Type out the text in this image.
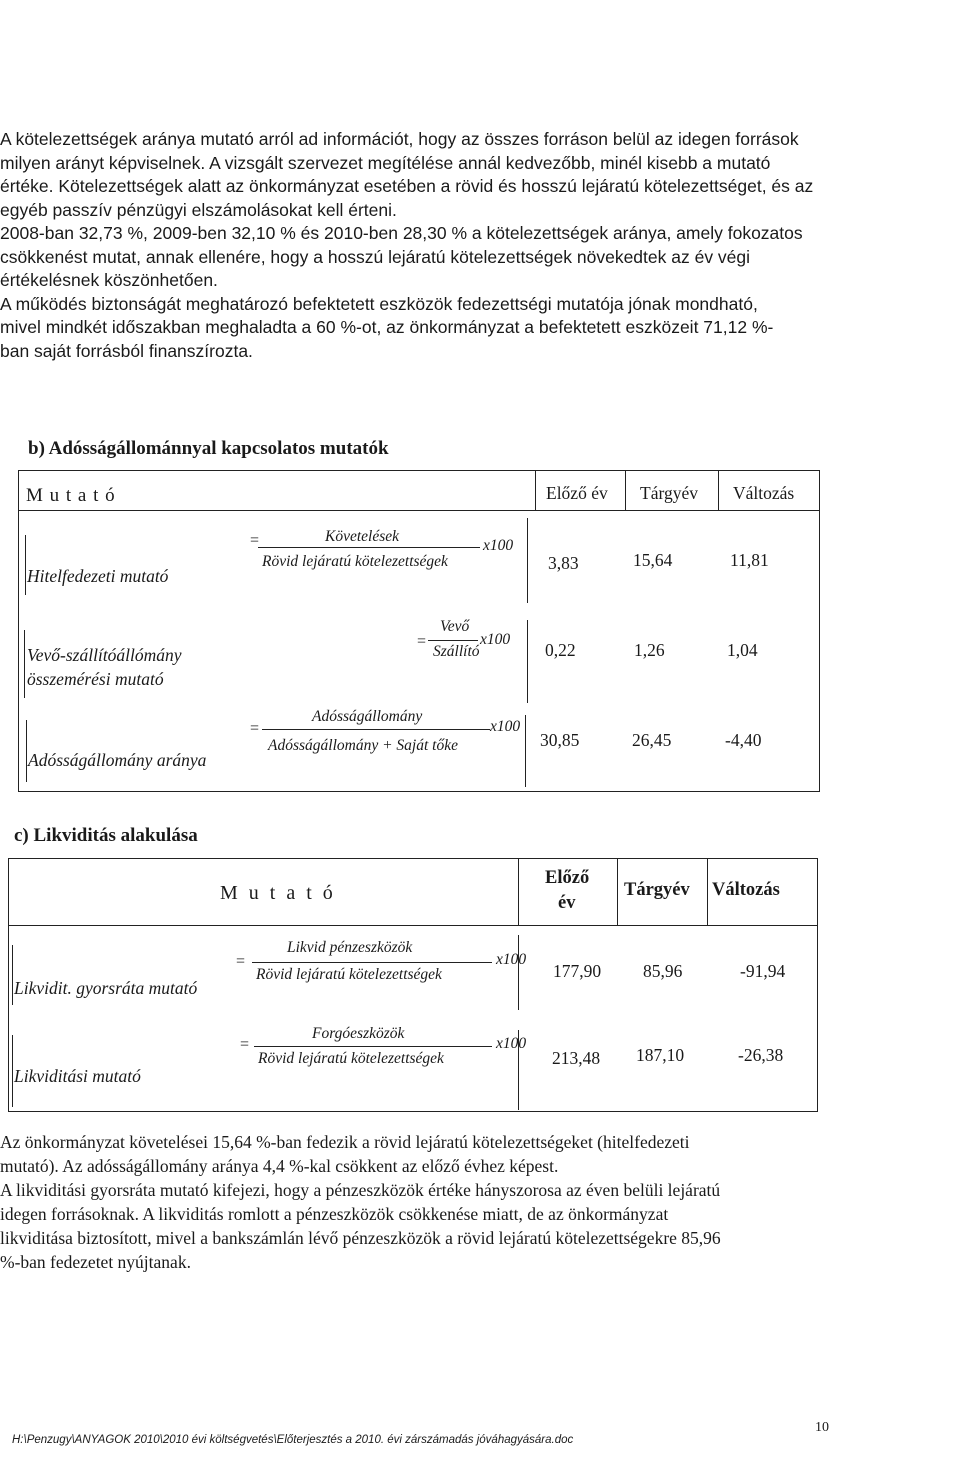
A kötelezettségek aránya mutató arról ad információt, hogy az összes forráson belül az idegen források
milyen arányt képviselnek. A vizsgált szervezet megítélése annál kedvezőbb, minél kisebb a mutató
értéke. Kötelezettségek alatt az önkormányzat esetében a rövid és hosszú lejáratú kötelezettséget, és az
egyéb passzív pénzügyi elszámolásokat kell érteni.
2008-ban 32,73 %, 2009-ben 32,10 % és 2010-ben 28,30 % a kötelezettségek aránya, amely fokozatos
csökkenést mutat, annak ellenére, hogy a hosszú lejáratú kötelezettségek növekedtek az év végi
értékelésnek köszönhetően.
A működés biztonságát meghatározó befektetett eszközök fedezettségi mutatója jónak mondható,
mivel mindkét időszakban meghaladta a 60 %-ot, az önkormányzat a befektetett eszközeit 71,12 %-
ban saját forrásból finanszírozta.
b) Adósságállománnyal kapcsolatos mutatók
M u t a t ó	Előző év Tárgyév Változás
Hitelfedezeti mutató
=	Követelések
x100
Rövid lejáratú kötelezettségek	3,83	15,64	11,81
Vevő-szállítóállómány
összemérési mutató
=
Vevő
x100
Szállító	0,22	1,26	1,04
Adósságállomány aránya
=
Adósságállomány
x100
Adósságállomány + Saját tőke	30,85	26,45	-4,40
c) Likviditás alakulása
M u t a t ó
Előző
év
Tárgyév Változás
Likvidit. gyorsráta mutató
=
Likvid pénzeszközök
x100
Rövid lejáratú kötelezettségek	177,90 85,96	-91,94
Likviditási mutató
=
Forgóeszközök
x100
Rövid lejáratú kötelezettségek	213,48 187,10	-26,38
Az önkormányzat követelései 15,64 %-ban fedezik a rövid lejáratú kötelezettségeket (hitelfedezeti
mutató). Az adósságállomány aránya 4,4 %-kal csökkent az előző évhez képest.
A likviditási gyorsráta mutató kifejezi, hogy a pénzeszközök értéke hányszorosa az éven belüli lejáratú
idegen forrásoknak. A likviditás romlott a pénzeszközök csökkenése miatt, de az önkormányzat
likviditása biztosított, mivel a bankszámlán lévő pénzeszközök a rövid lejáratú kötelezettségekre 85,96
%-ban fedezetet nyújtanak.
10
H:\Penzugy\ANYAGOK 2010\2010 évi költségvetés\Előterjesztés a 2010. évi zárszámadás jóváhagyására.doc
